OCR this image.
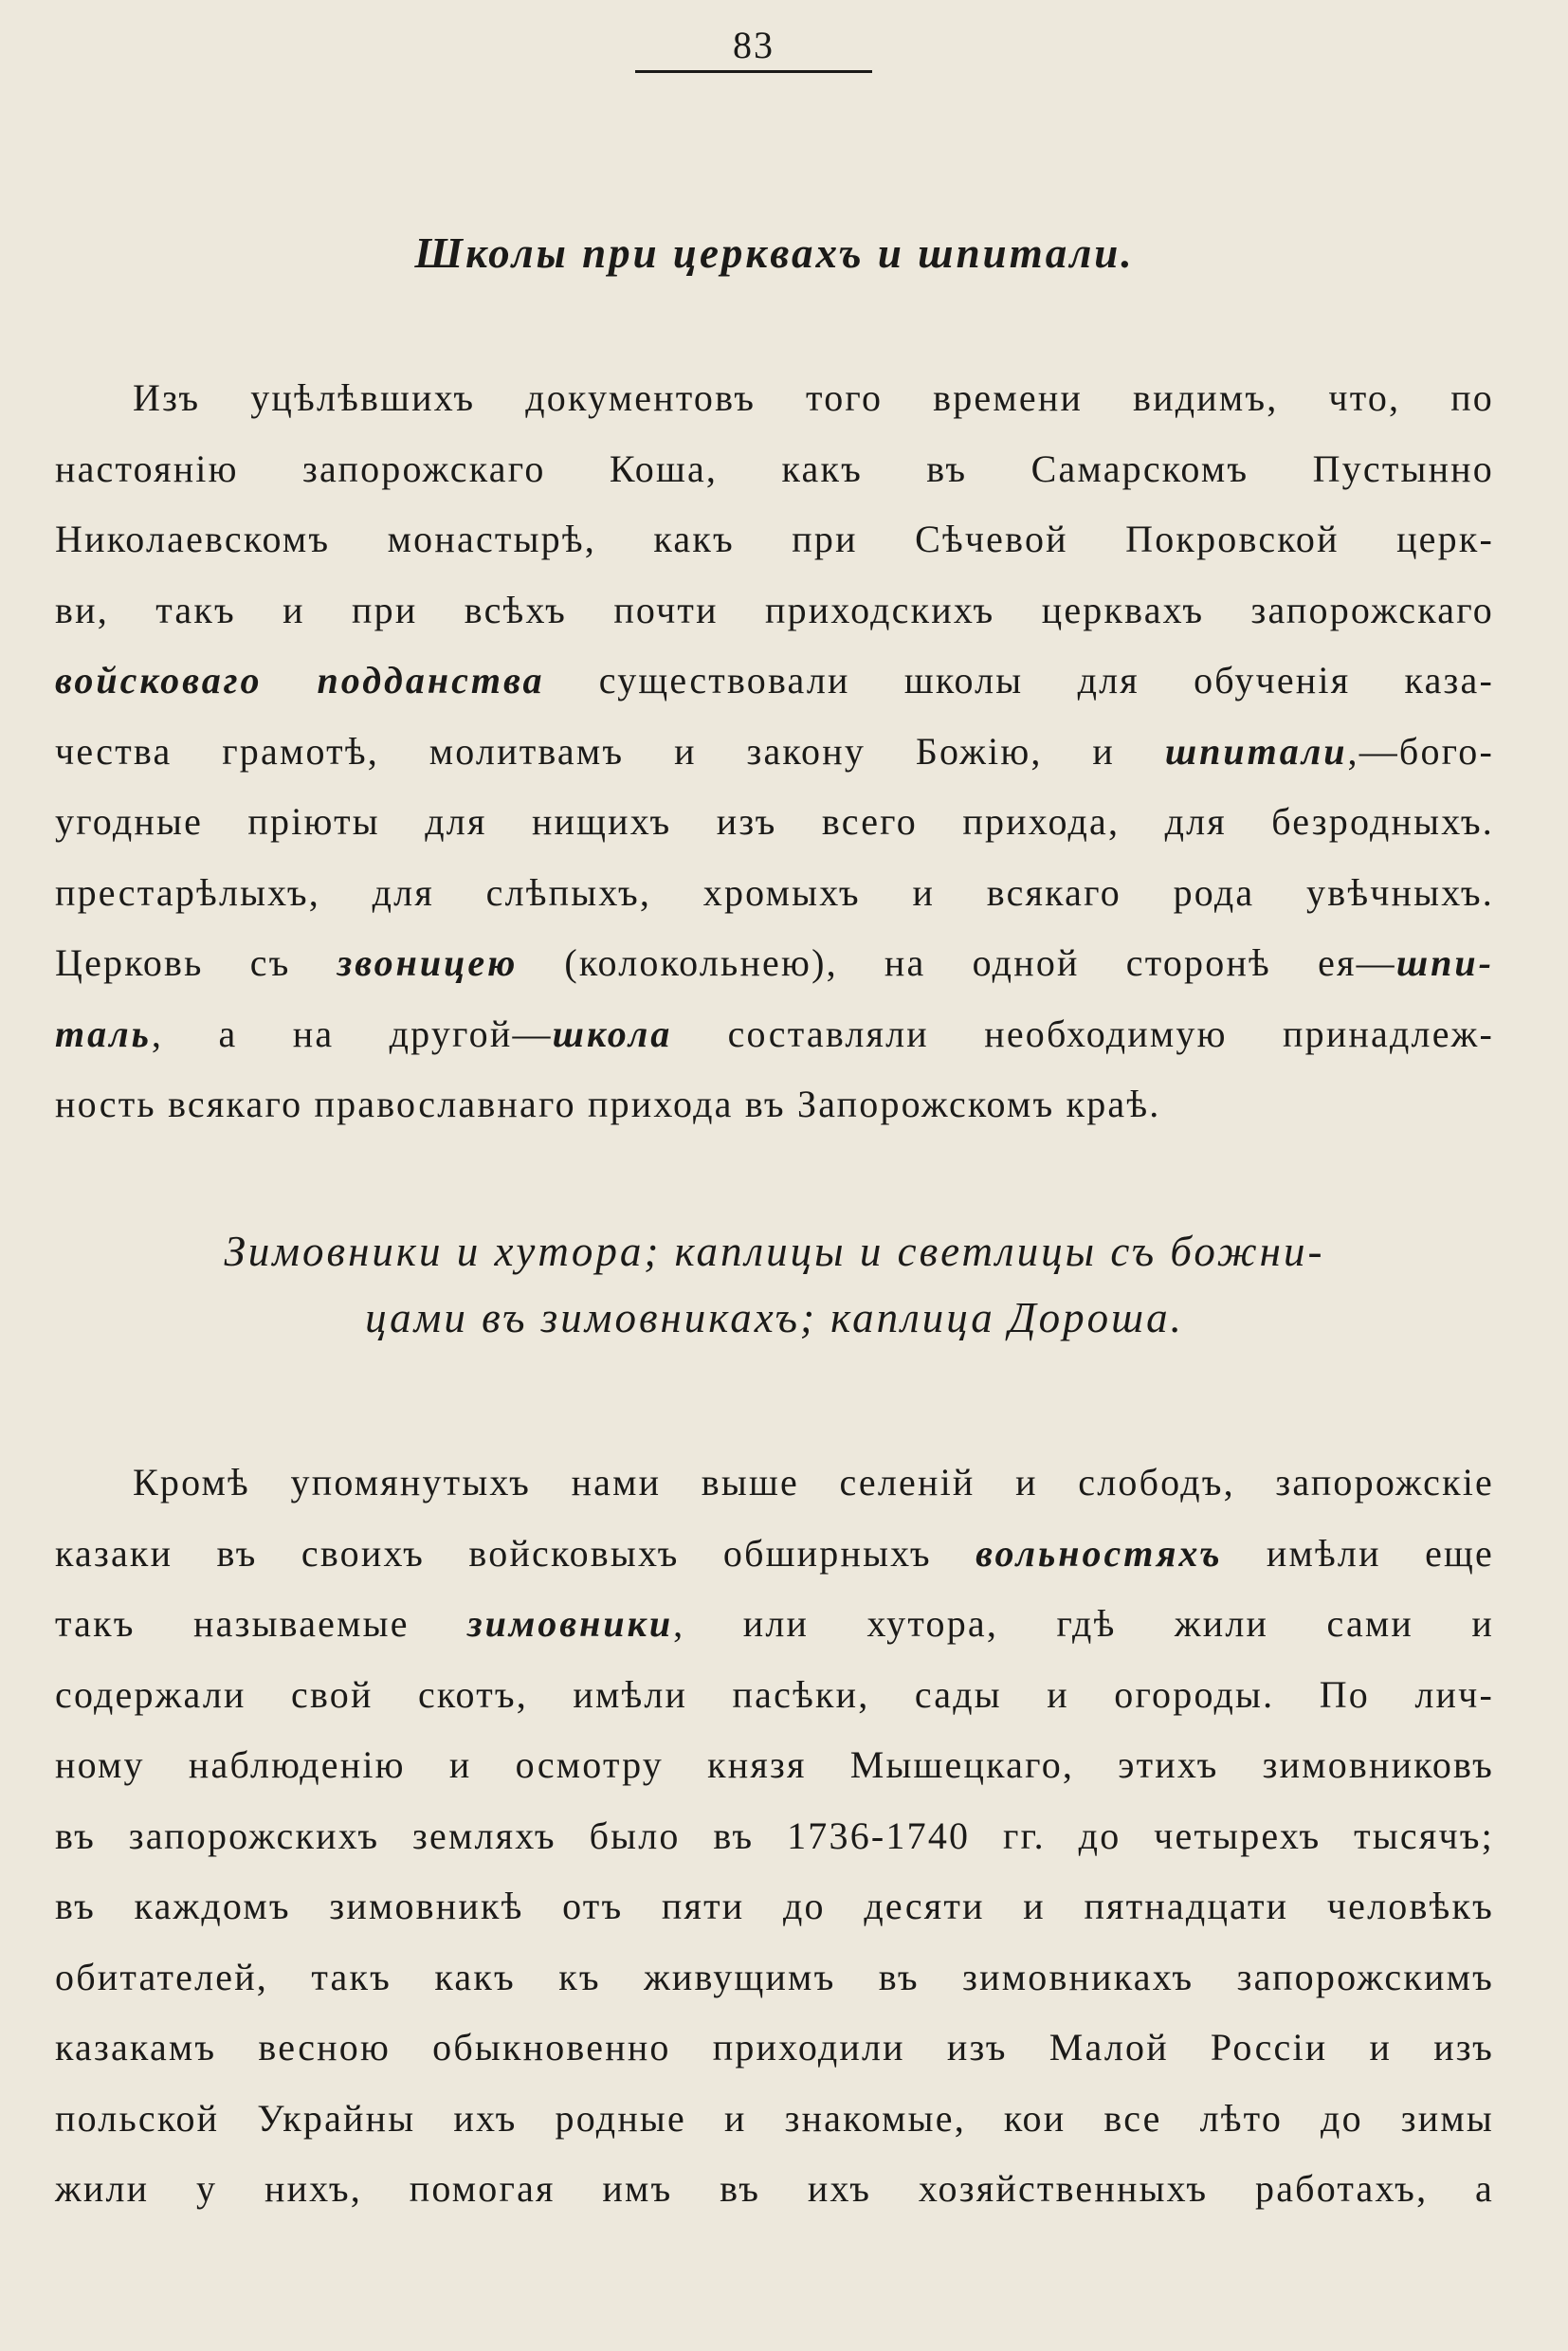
83
Школы при церквахъ и шпитали.

Изъ уцѣлѣвшихъ документовъ того времени видимъ, что, по
настоянію запорожскаго Коша, какъ въ Самарскомъ Пустынно
Николаевскомъ монастырѣ, какъ при Сѣчевой Покровской церк-
ви, такъ и при всѣхъ почти приходскихъ церквахъ запорожскаго
войсковаго подданства существовали школы для обученія каза-
чества грамотѣ, молитвамъ и закону Божію, и шпитали,—бого-
угодные пріюты для нищихъ изъ всего прихода, для безродныхъ.
престарѣлыхъ, для слѣпыхъ, хромыхъ и всякаго рода увѣчныхъ.
Церковь съ звоницею (колокольнею), на одной сторонѣ ея—шпи-
таль, а на другой—школа составляли необходимую принадлеж-
ность всякаго православнаго прихода въ Запорожскомъ краѣ.

Зимовники и хутора; каплицы и светлицы съ божни-
цами въ зимовникахъ; каплица Дороша.

Кромѣ упомянутыхъ нами выше селеній и слободъ, запорожскіе
казаки въ своихъ войсковыхъ обширныхъ вольностяхъ имѣли еще
такъ называемые зимовники, или хутора, гдѣ жили сами и
содержали свой скотъ, имѣли пасѣки, сады и огороды. По лич-
ному наблюденію и осмотру князя Мышецкаго, этихъ зимовниковъ
въ запорожскихъ земляхъ было въ 1736-1740 гг. до четырехъ тысячъ;
въ каждомъ зимовникѣ отъ пяти до десяти и пятнадцати человѣкъ
обитателей, такъ какъ къ живущимъ въ зимовникахъ запорожскимъ
казакамъ весною обыкновенно приходили изъ Малой Россіи и изъ
польской Украйны ихъ родные и знакомые, кои все лѣто до зимы
жили у нихъ, помогая имъ въ ихъ хозяйственныхъ работахъ, а
